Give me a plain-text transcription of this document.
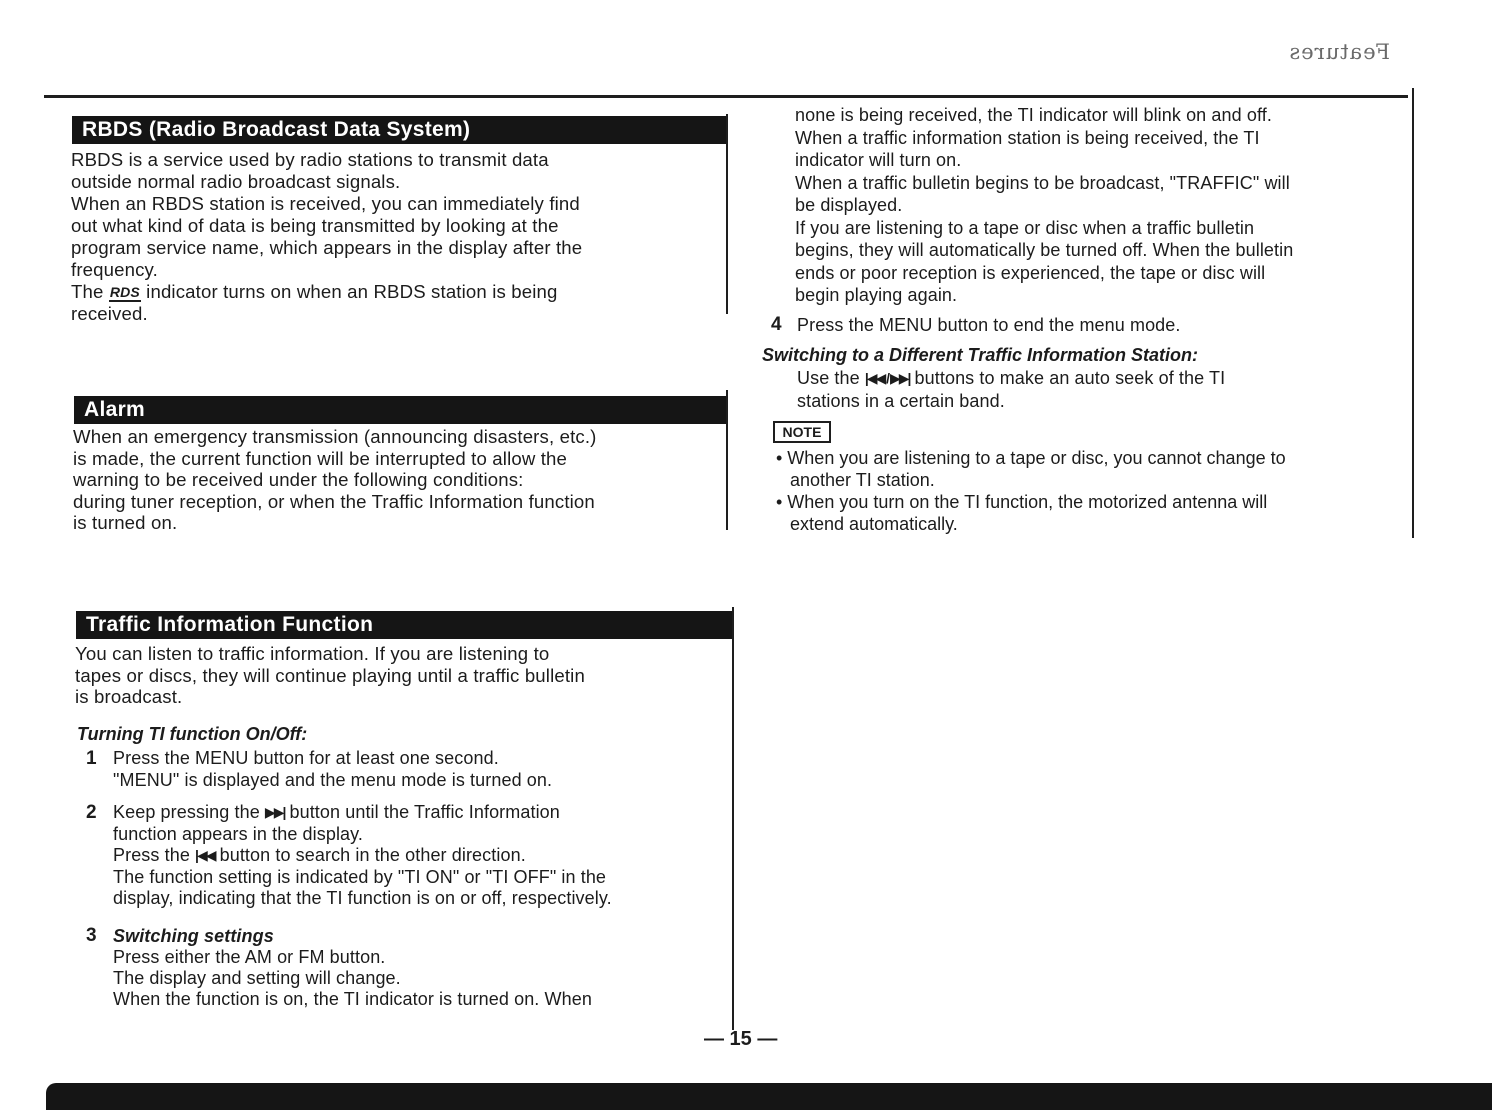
Features
RBDS (Radio Broadcast Data System)
RBDS is a service used by radio stations to transmit data
outside normal radio broadcast signals.
When an RBDS station is received, you can immediately find
out what kind of data is being transmitted by looking at the
program service name, which appears in the display after the
frequency.
The RDS indicator turns on when an RBDS station is being
received.
Alarm
When an emergency transmission (announcing disasters, etc.)
is made, the current function will be interrupted to allow the
warning to be received under the following conditions:
during tuner reception, or when the Traffic Information function
is turned on.
Traffic Information Function
You can listen to traffic information. If you are listening to
tapes or discs, they will continue playing until a traffic bulletin
is broadcast.
Turning TI function On/Off:
1 Press the MENU button for at least one second.
"MENU" is displayed and the menu mode is turned on.
2 Keep pressing the ▶▶| button until the Traffic Information
function appears in the display.
Press the |◀◀ button to search in the other direction.
The function setting is indicated by "TI ON" or "TI OFF" in the
display, indicating that the TI function is on or off, respectively.
3 Switching settings
Press either the AM or FM button.
The display and setting will change.
When the function is on, the TI indicator is turned on. When
none is being received, the TI indicator will blink on and off.
When a traffic information station is being received, the TI
indicator will turn on.
When a traffic bulletin begins to be broadcast, "TRAFFIC" will
be displayed.
If you are listening to a tape or disc when a traffic bulletin
begins, they will automatically be turned off. When the bulletin
ends or poor reception is experienced, the tape or disc will
begin playing again.
4 Press the MENU button to end the menu mode.
Switching to a Different Traffic Information Station:
Use the |◀◀ / ▶▶| buttons to make an auto seek of the TI
stations in a certain band.
NOTE
• When you are listening to a tape or disc, you cannot change to
another TI station.
• When you turn on the TI function, the motorized antenna will
extend automatically.
— 15 —
